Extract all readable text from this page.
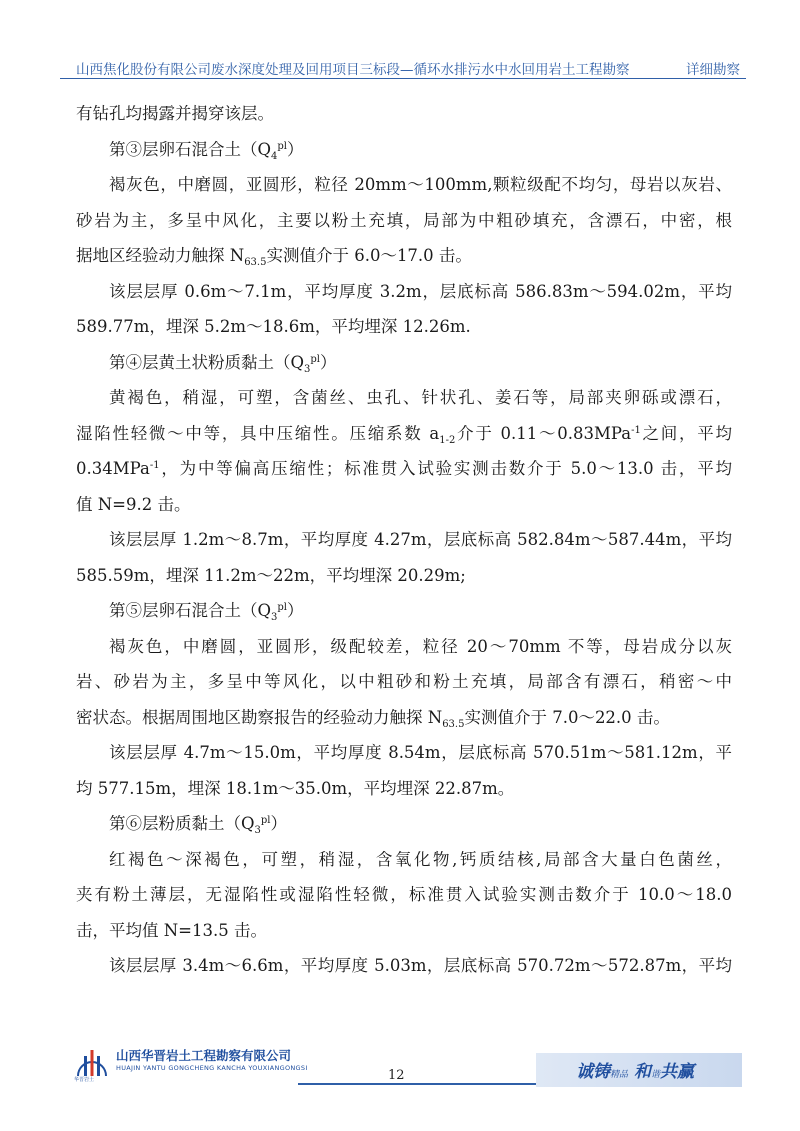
山西焦化股份有限公司废水深度处理及回用项目三标段—循环水排污水中水回用岩土工程勘察	详细勘察
有钻孔均揭露并揭穿该层。
第③层卵石混合土$(Q_4^{pl})$
褐灰色，中磨圆，亚圆形，粒径 20mm～100mm,颗粒级配不均匀，母岩以灰岩、
砂岩为主，多呈中风化，主要以粉土充填，局部为中粗砂填充，含漂石，中密，根
据地区经验动力触探 $N_{63.5}$实测值介于 6.0～17.0 击。
该层层厚 0.6m～7.1m，平均厚度 3.2m，层底标高 586.83m～594.02m，平均
589.77m，埋深 5.2m～18.6m，平均埋深 12.26m.
第④层黄土状粉质黏土$(Q_3^{pl})$
黄褐色，稍湿，可塑，含菌丝、虫孔、针状孔、姜石等，局部夹卵砾或漂石，
湿陷性轻微～中等，具中压缩性。压缩系数 $a_{1-2}$介于 0.11～0.83MPa$^{-1}$之间，平均
0.34MPa$^{-1}$，为中等偏高压缩性；标准贯入试验实测击数介于 5.0～13.0 击，平均
值 N=9.2 击。
该层层厚 1.2m～8.7m，平均厚度 4.27m，层底标高 582.84m～587.44m，平均
585.59m，埋深 11.2m～22m，平均埋深 20.29m;
第⑤层卵石混合土$(Q_3^{pl})$
褐灰色，中磨圆，亚圆形，级配较差，粒径 20～70mm 不等，母岩成分以灰
岩、砂岩为主，多呈中等风化，以中粗砂和粉土充填，局部含有漂石，稍密～中
密状态。根据周围地区勘察报告的经验动力触探 $N_{63.5}$实测值介于 7.0～22.0 击。
该层层厚 4.7m～15.0m，平均厚度 8.54m，层底标高 570.51m～581.12m，平
均 577.15m，埋深 18.1m～35.0m，平均埋深 22.87m。
第⑥层粉质黏土$(Q_3^{pl})$
红褐色～深褐色，可塑，稍湿，含氧化物,钙质结核,局部含大量白色菌丝，
夹有粉土薄层，无湿陷性或湿陷性轻微，标准贯入试验实测击数介于 10.0～18.0
击，平均值 N=13.5 击。
该层层厚 3.4m～6.6m，平均厚度 5.03m，层底标高 570.72m～572.87m，平均
华晋岩土
山西华晋岩土工程勘察有限公司
HUAJIN YANTU GONGCHENG KANCHA YOUXIANGONGSI	12	诚铸精品 和谐共赢
